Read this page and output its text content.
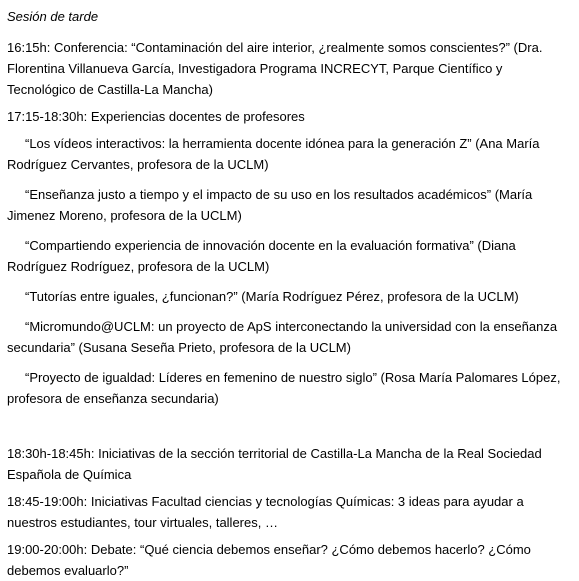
Sesión de tarde
16:15h: Conferencia: “Contaminación del aire interior, ¿realmente somos conscientes?” (Dra. Florentina Villanueva García, Investigadora Programa INCRECYT, Parque Científico y Tecnológico de Castilla-La Mancha)
17:15-18:30h: Experiencias docentes de profesores
“Los vídeos interactivos: la herramienta docente idónea para la generación Z” (Ana María Rodríguez Cervantes, profesora de la UCLM)
“Enseñanza justo a tiempo y el impacto de su uso en los resultados académicos” (María Jimenez Moreno, profesora de la UCLM)
“Compartiendo experiencia de innovación docente en la evaluación formativa” (Diana Rodríguez Rodríguez, profesora de la UCLM)
“Tutorías entre iguales, ¿funcionan?” (María Rodríguez Pérez, profesora de la UCLM)
“Micromundo@UCLM: un proyecto de ApS interconectando la universidad con la enseñanza secundaria” (Susana Seseña Prieto, profesora de la UCLM)
“Proyecto de igualdad: Líderes en femenino de nuestro siglo” (Rosa María Palomares López, profesora de enseñanza secundaria)
18:30h-18:45h: Iniciativas de la sección territorial de Castilla-La Mancha de la Real Sociedad Española de Química
18:45-19:00h: Iniciativas Facultad ciencias y tecnologías Químicas: 3 ideas para ayudar a nuestros estudiantes, tour virtuales, talleres, …
19:00-20:00h: Debate: “Qué ciencia debemos enseñar? ¿Cómo debemos hacerlo? ¿Cómo debemos evaluarlo?”
